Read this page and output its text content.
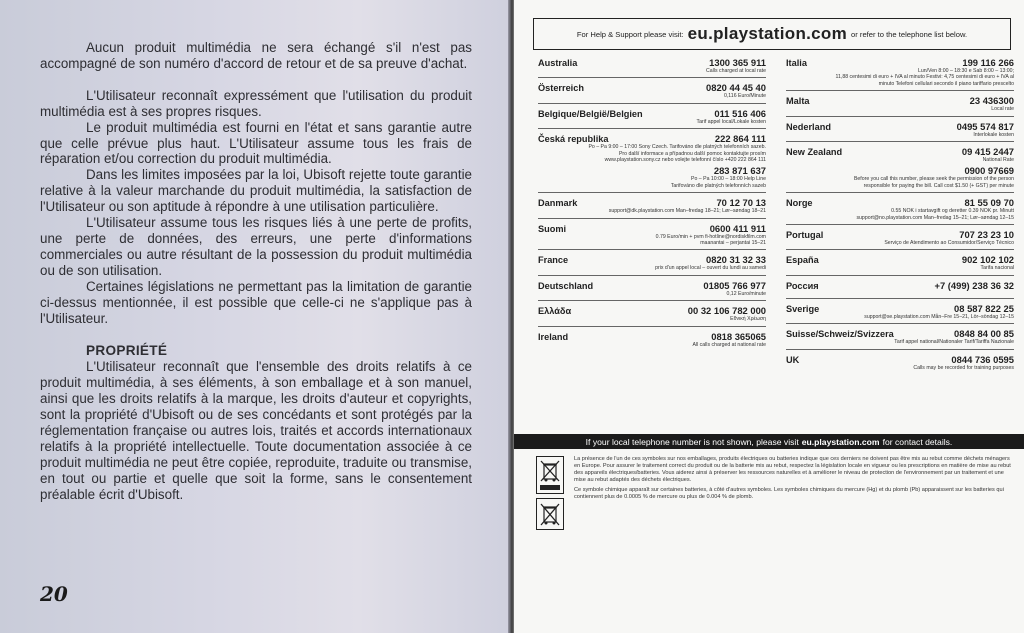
Aucun produit multimédia ne sera échangé s'il n'est pas accompagné de son numéro d'accord de retour et de sa preuve d'achat.

L'Utilisateur reconnaît expressément que l'utilisation du produit multimédia est à ses propres risques.

Le produit multimédia est fourni en l'état et sans garantie autre que celle prévue plus haut. L'Utilisateur assume tous les frais de réparation et/ou correction du produit multimédia.

Dans les limites imposées par la loi, Ubisoft rejette toute garantie relative à la valeur marchande du produit multimédia, la satisfaction de l'Utilisateur ou son aptitude à répondre à une utilisation particulière.

L'Utilisateur assume tous les risques liés à une perte de profits, une perte de données, des erreurs, une perte d'informations commerciales ou autre résultant de la possession du produit multimédia ou de son utilisation.

Certaines législations ne permettant pas la limitation de garantie ci-dessus mentionnée, il est possible que celle-ci ne s'applique pas à l'Utilisateur.

PROPRIÉTÉ

L'Utilisateur reconnaît que l'ensemble des droits relatifs à ce produit multimédia, à ses éléments, à son emballage et à son manuel, ainsi que les droits relatifs à la marque, les droits d'auteur et copyrights, sont la propriété d'Ubisoft ou de ses concédants et sont protégés par la réglementation française ou autres lois, traités et accords internationaux relatifs à la propriété intellectuelle. Toute documentation associée à ce produit multimédia ne peut être copiée, reproduite, traduite ou transmise, en tout ou partie et quelle que soit la forme, sans le consentement préalable écrit d'Ubisoft.

20
For Help & Support please visit: eu.playstation.com or refer to the telephone list below.
Australia	1300 365 911
Calls charged at local rate
Österreich	0820 44 45 40
0,116 Euro/Minute
Belgique/België/Belgien	011 516 406
Tarif appel local/Lokale kosten
Česká republika	222 864 111
Po – Pa 9:00 – 17:00 Sony Czech. Tarifováno dle platných telefonních sazeb.
Pro další informace a případnou další pomoc kontaktujte prosím
www.playstation.sony.cz nebo volejte telefonní číslo +420 222 864 111
283 871 637
Po – Pa 10:00 – 18:00 Help Line
Tarifováno dle platných telefonních sazeb
Danmark	70 12 70 13
support@dk.playstation.com Man–fredag 18–21; Lør–søndag 18–21
Suomi	0600 411 911
0.79 Euro/min + pvm fi-hotline@nordiskfilm.com
maanantai – perjantai 15–21
France	0820 31 32 33
prix d'un appel local – ouvert du lundi au samedi
Deutschland	01805 766 977
0,12 Euro/minute
Ελλάδα	00 32 106 782 000
Εθνική Χρέωση
Ireland	0818 365065
All calls charged at national rate
Italia	199 116 266
Lun/Ven 8:00 – 18:30 e Sab 8:00 – 13:00;
11,88 centesimi di euro + IVA al minuto Festivi: 4,75 centesimi di euro + IVA al
minuto Telefoni cellulari secondo il piano tariffario prescelto
Malta	23 436300
Local rate
Nederland	0495 574 817
Interlokale kosten
New Zealand	09 415 2447
National Rate
0900 97669
Before you call this number, please seek the permission of the person
responsible for paying the bill. Call cost $1.50 (+ GST) per minute
Norge	81 55 09 70
0.55 NOK i startavgift og deretter 0.39 NOK pr. Minutt
support@no.playstation.com Man–fredag 15–21; Lør–søndag 12–15
Portugal	707 23 23 10
Serviço de Atendimento ao Consumidor/Serviço Técnico
España	902 102 102
Tarifa nacional
Россия	+7 (499) 238 36 32
Sverige	08 587 822 25
support@se.playstation.com Mån–Fre 15–21, Lör–söndag 12–15
Suisse/Schweiz/Svizzera	0848 84 00 85
Tarif appel national/Nationaler Tarif/Tariffa Nazionale
UK	0844 736 0595
Calls may be recorded for training purposes
If your local telephone number is not shown, please visit eu.playstation.com for contact details.
La présence de l'un de ces symboles sur nos emballages, produits électriques ou batteries indique que ces derniers ne doivent pas être mis au rebut comme déchets ménagers en Europe. Pour assurer le traitement correct du produit ou de la batterie mis au rebut, respectez la législation locale en vigueur ou les prescriptions en matière de mise au rebut des appareils électriques/batteries. Vous aiderez ainsi à préserver les ressources naturelles et à améliorer le niveau de protection de l'environnement par un traitement et une mise au rebut adaptés des déchets électriques.
Ce symbole chimique apparaît sur certaines batteries, à côté d'autres symboles. Les symboles chimiques du mercure (Hg) et du plomb (Pb) apparaissent sur les batteries qui contiennent plus de 0.0005 % de mercure ou plus de 0.004 % de plomb.
